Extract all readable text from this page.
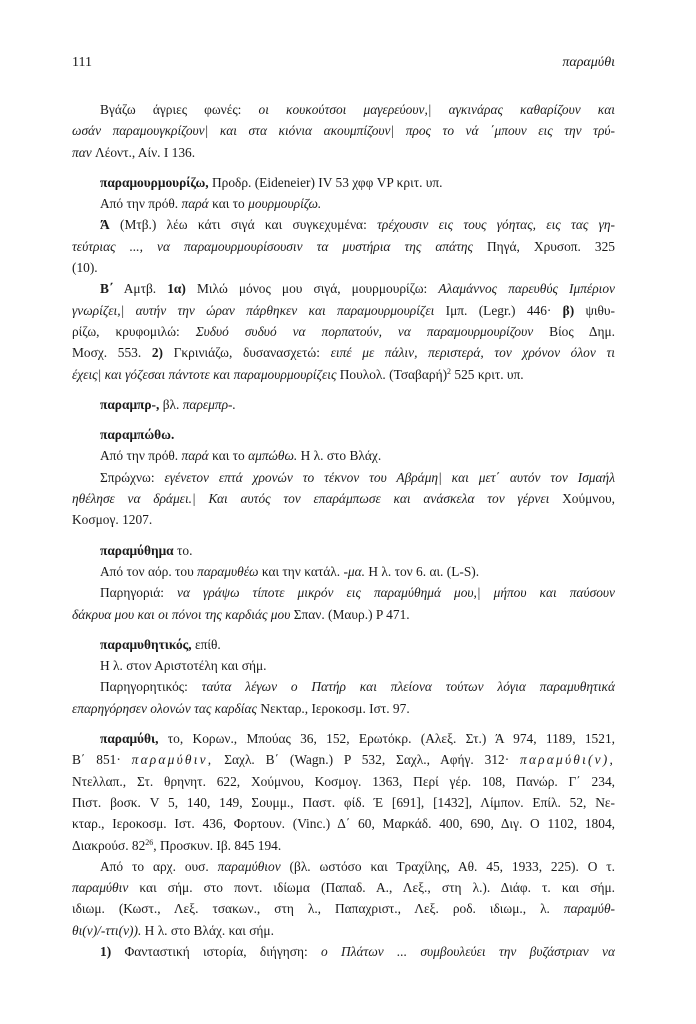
111	παραμύθι
Βγάζω άγριες φωνές: οι κουκούτσοι μαγερεύουν,| αγκινάρας καθαρίζουν και
ωσάν παραμουγκρίζουν| και στα κιόνια ακουμπίζουν| προς το νά ΄μπουν εις την τρύ-
παν Λέοντ., Αίν. I 136.
παραμουρμουρίζω, Προδρ. (Eideneier) IV 53 χφφ VP κριτ. υπ.
Από την πρόθ. παρά και το μουρμουρίζω.
Ά (Μτβ.) λέω κάτι σιγά και συγκεχυμένα: τρέχουσιν εις τους γόητας, εις τας γη-
τεύτριας ..., να παραμουρμουρίσουσιν τα μυστήρια της απάτης Πηγά, Χρυσοπ. 325
(10).
Β΄ Αμτβ. 1α) Μιλώ μόνος μου σιγά, μουρμουρίζω: Αλαμάννος παρευθύς Ιμπέριον
γνωρίζει,| αυτήν την ώραν πάρθηκεν και παραμουρμουρίζει Ιμπ. (Legr.) 446· β) ψιθυ-
ρίζω, κρυφομιλώ: Συδυό συδυό να πορπατούν, να παραμουρμουρίζουν Βίος Δημ.
Μοσχ. 553. 2) Γκρινιάζω, δυσανασχετώ: ειπέ με πάλιν, περιστερά, τον χρόνον όλον τι
έχεις| και γόζεσαι πάντοτε και παραμουρμουρίζεις Πουλολ. $(T\sigma\alpha\beta\alpha\rho ή)^2$ 525 κριτ. υπ.
παραμπρ-, βλ. παρεμπρ-.
παραμπώθω.
Από την πρόθ. παρά και το αμπώθω. Η λ. στο Βλάχ.
Σπρώχνω: εγένετον επτά χρονών το τέκνον του Αβράμη| και μετ΄ αυτόν τον Ισμαήλ
ηθέλησε να δράμει.| Και αυτός τον επαράμπωσε και ανάσκελα τον γέρνει Χούμνου,
Κοσμογ. 1207.
παραμύθημα το.
Από τον αόρ. του παραμυθέω και την κατάλ. -μα. Η λ. τον 6. αι. (L-S).
Παρηγοριά: να γράψω τίποτε μικρόν εις παραμύθημά μου,| μήπου και παύσουν
δάκρυα μου και οι πόνοι της καρδιάς μου Σπαν. (Μαυρ.) P 471.
παραμυθητικός, επίθ.
Η λ. στον Αριστοτέλη και σήμ.
Παρηγορητικός: ταύτα λέγων ο Πατήρ και πλείονα τούτων λόγια παραμυθητικά
επαρηγόρησεν ολονών τας καρδίας Νεκταρ., Ιεροκοσμ. Ιστ. 97.
παραμύθι, το, Κορων., Μπούας 36, 152, Ερωτόκρ. (Αλεξ. Στ.) Ά 974, 1189, 1521,
Β΄ 851· παραμύθιν, Σαχλ. Β΄ (Wagn.) P 532, Σαχλ., Αφήγ. 312· παραμύθι(ν),
Ντελλαπ., Στ. θρηνητ. 622, Χούμνου, Κοσμογ. 1363, Περί γέρ. 108, Πανώρ. Γ΄ 234,
Πιστ. βοσκ. V 5, 140, 149, Σουμμ., Παστ. φίδ. Έ [691], [1432], Λίμπον. Επίλ. 52, Νε-
κταρ., Ιεροκοσμ. Ιστ. 436, Φορτουν. (Vinc.) Δ΄ 60, Μαρκάδ. 400, 690, Διγ. Ο 1102, 1804,
Διακρούσ. $82^{26}$, Προσκυν. Ιβ. 845 194.
Από το αρχ. ουσ. παραμύθιον (βλ. ωστόσο και Τραχίλης, Αθ. 45, 1933, 225). Ο τ.
παραμύθιν και σήμ. στο ποντ. ιδίωμα (Παπαδ. Α., Λεξ., στη λ.). Διάφ. τ. και σήμ.
ιδιωμ. (Κωστ., Λεξ. τσακων., στη λ., Παπαχριστ., Λεξ. ροδ. ιδιωμ., λ. παραμύθ-
θι(ν)/-ττι(ν)). Η λ. στο Βλάχ. και σήμ.
1) Φανταστική ιστορία, διήγηση: ο Πλάτων ... συμβουλεύει την βυζάστριαν να
